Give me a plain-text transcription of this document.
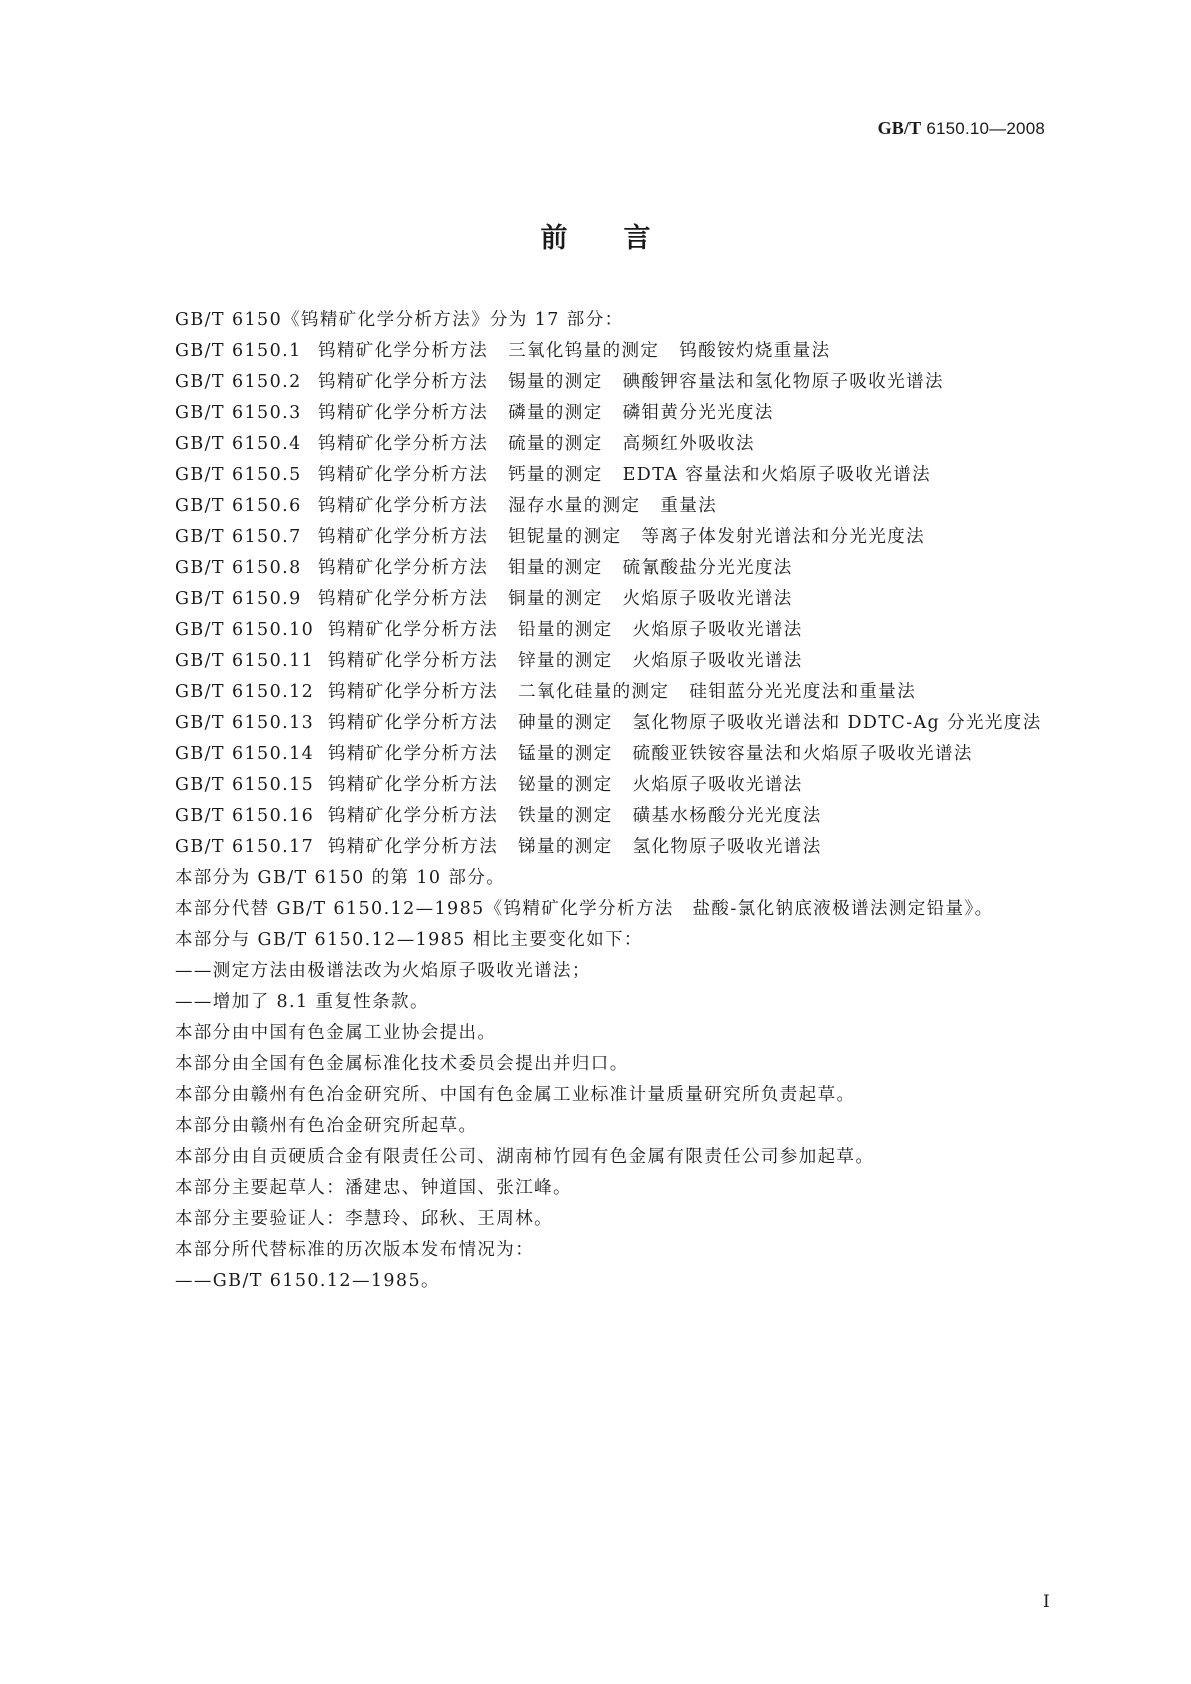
GB/T 6150.10—2008
前言
GB/T 6150《钨精矿化学分析方法》分为 17 部分：
GB/T 6150.1 钨精矿化学分析方法 三氧化钨量的测定 钨酸铵灼烧重量法
GB/T 6150.2 钨精矿化学分析方法 锡量的测定 碘酸钾容量法和氢化物原子吸收光谱法
GB/T 6150.3 钨精矿化学分析方法 磷量的测定 磷钼黄分光光度法
GB/T 6150.4 钨精矿化学分析方法 硫量的测定 高频红外吸收法
GB/T 6150.5 钨精矿化学分析方法 钙量的测定 EDTA 容量法和火焰原子吸收光谱法
GB/T 6150.6 钨精矿化学分析方法 湿存水量的测定 重量法
GB/T 6150.7 钨精矿化学分析方法 钽铌量的测定 等离子体发射光谱法和分光光度法
GB/T 6150.8 钨精矿化学分析方法 钼量的测定 硫氰酸盐分光光度法
GB/T 6150.9 钨精矿化学分析方法 铜量的测定 火焰原子吸收光谱法
GB/T 6150.10 钨精矿化学分析方法 铅量的测定 火焰原子吸收光谱法
GB/T 6150.11 钨精矿化学分析方法 锌量的测定 火焰原子吸收光谱法
GB/T 6150.12 钨精矿化学分析方法 二氧化硅量的测定 硅钼蓝分光光度法和重量法
GB/T 6150.13 钨精矿化学分析方法 砷量的测定 氢化物原子吸收光谱法和 DDTC-Ag 分光光度法
GB/T 6150.14 钨精矿化学分析方法 锰量的测定 硫酸亚铁铵容量法和火焰原子吸收光谱法
GB/T 6150.15 钨精矿化学分析方法 铋量的测定 火焰原子吸收光谱法
GB/T 6150.16 钨精矿化学分析方法 铁量的测定 磺基水杨酸分光光度法
GB/T 6150.17 钨精矿化学分析方法 锑量的测定 氢化物原子吸收光谱法
本部分为 GB/T 6150 的第 10 部分。
本部分代替 GB/T 6150.12—1985《钨精矿化学分析方法　盐酸-氯化钠底液极谱法测定铅量》。
本部分与 GB/T 6150.12—1985 相比主要变化如下：
——测定方法由极谱法改为火焰原子吸收光谱法；
——增加了 8.1 重复性条款。
本部分由中国有色金属工业协会提出。
本部分由全国有色金属标准化技术委员会提出并归口。
本部分由赣州有色冶金研究所、中国有色金属工业标准计量质量研究所负责起草。
本部分由赣州有色冶金研究所起草。
本部分由自贡硬质合金有限责任公司、湖南柿竹园有色金属有限责任公司参加起草。
本部分主要起草人：潘建忠、钟道国、张江峰。
本部分主要验证人：李慧玲、邱秋、王周林。
本部分所代替标准的历次版本发布情况为：
——GB/T 6150.12—1985。
I
